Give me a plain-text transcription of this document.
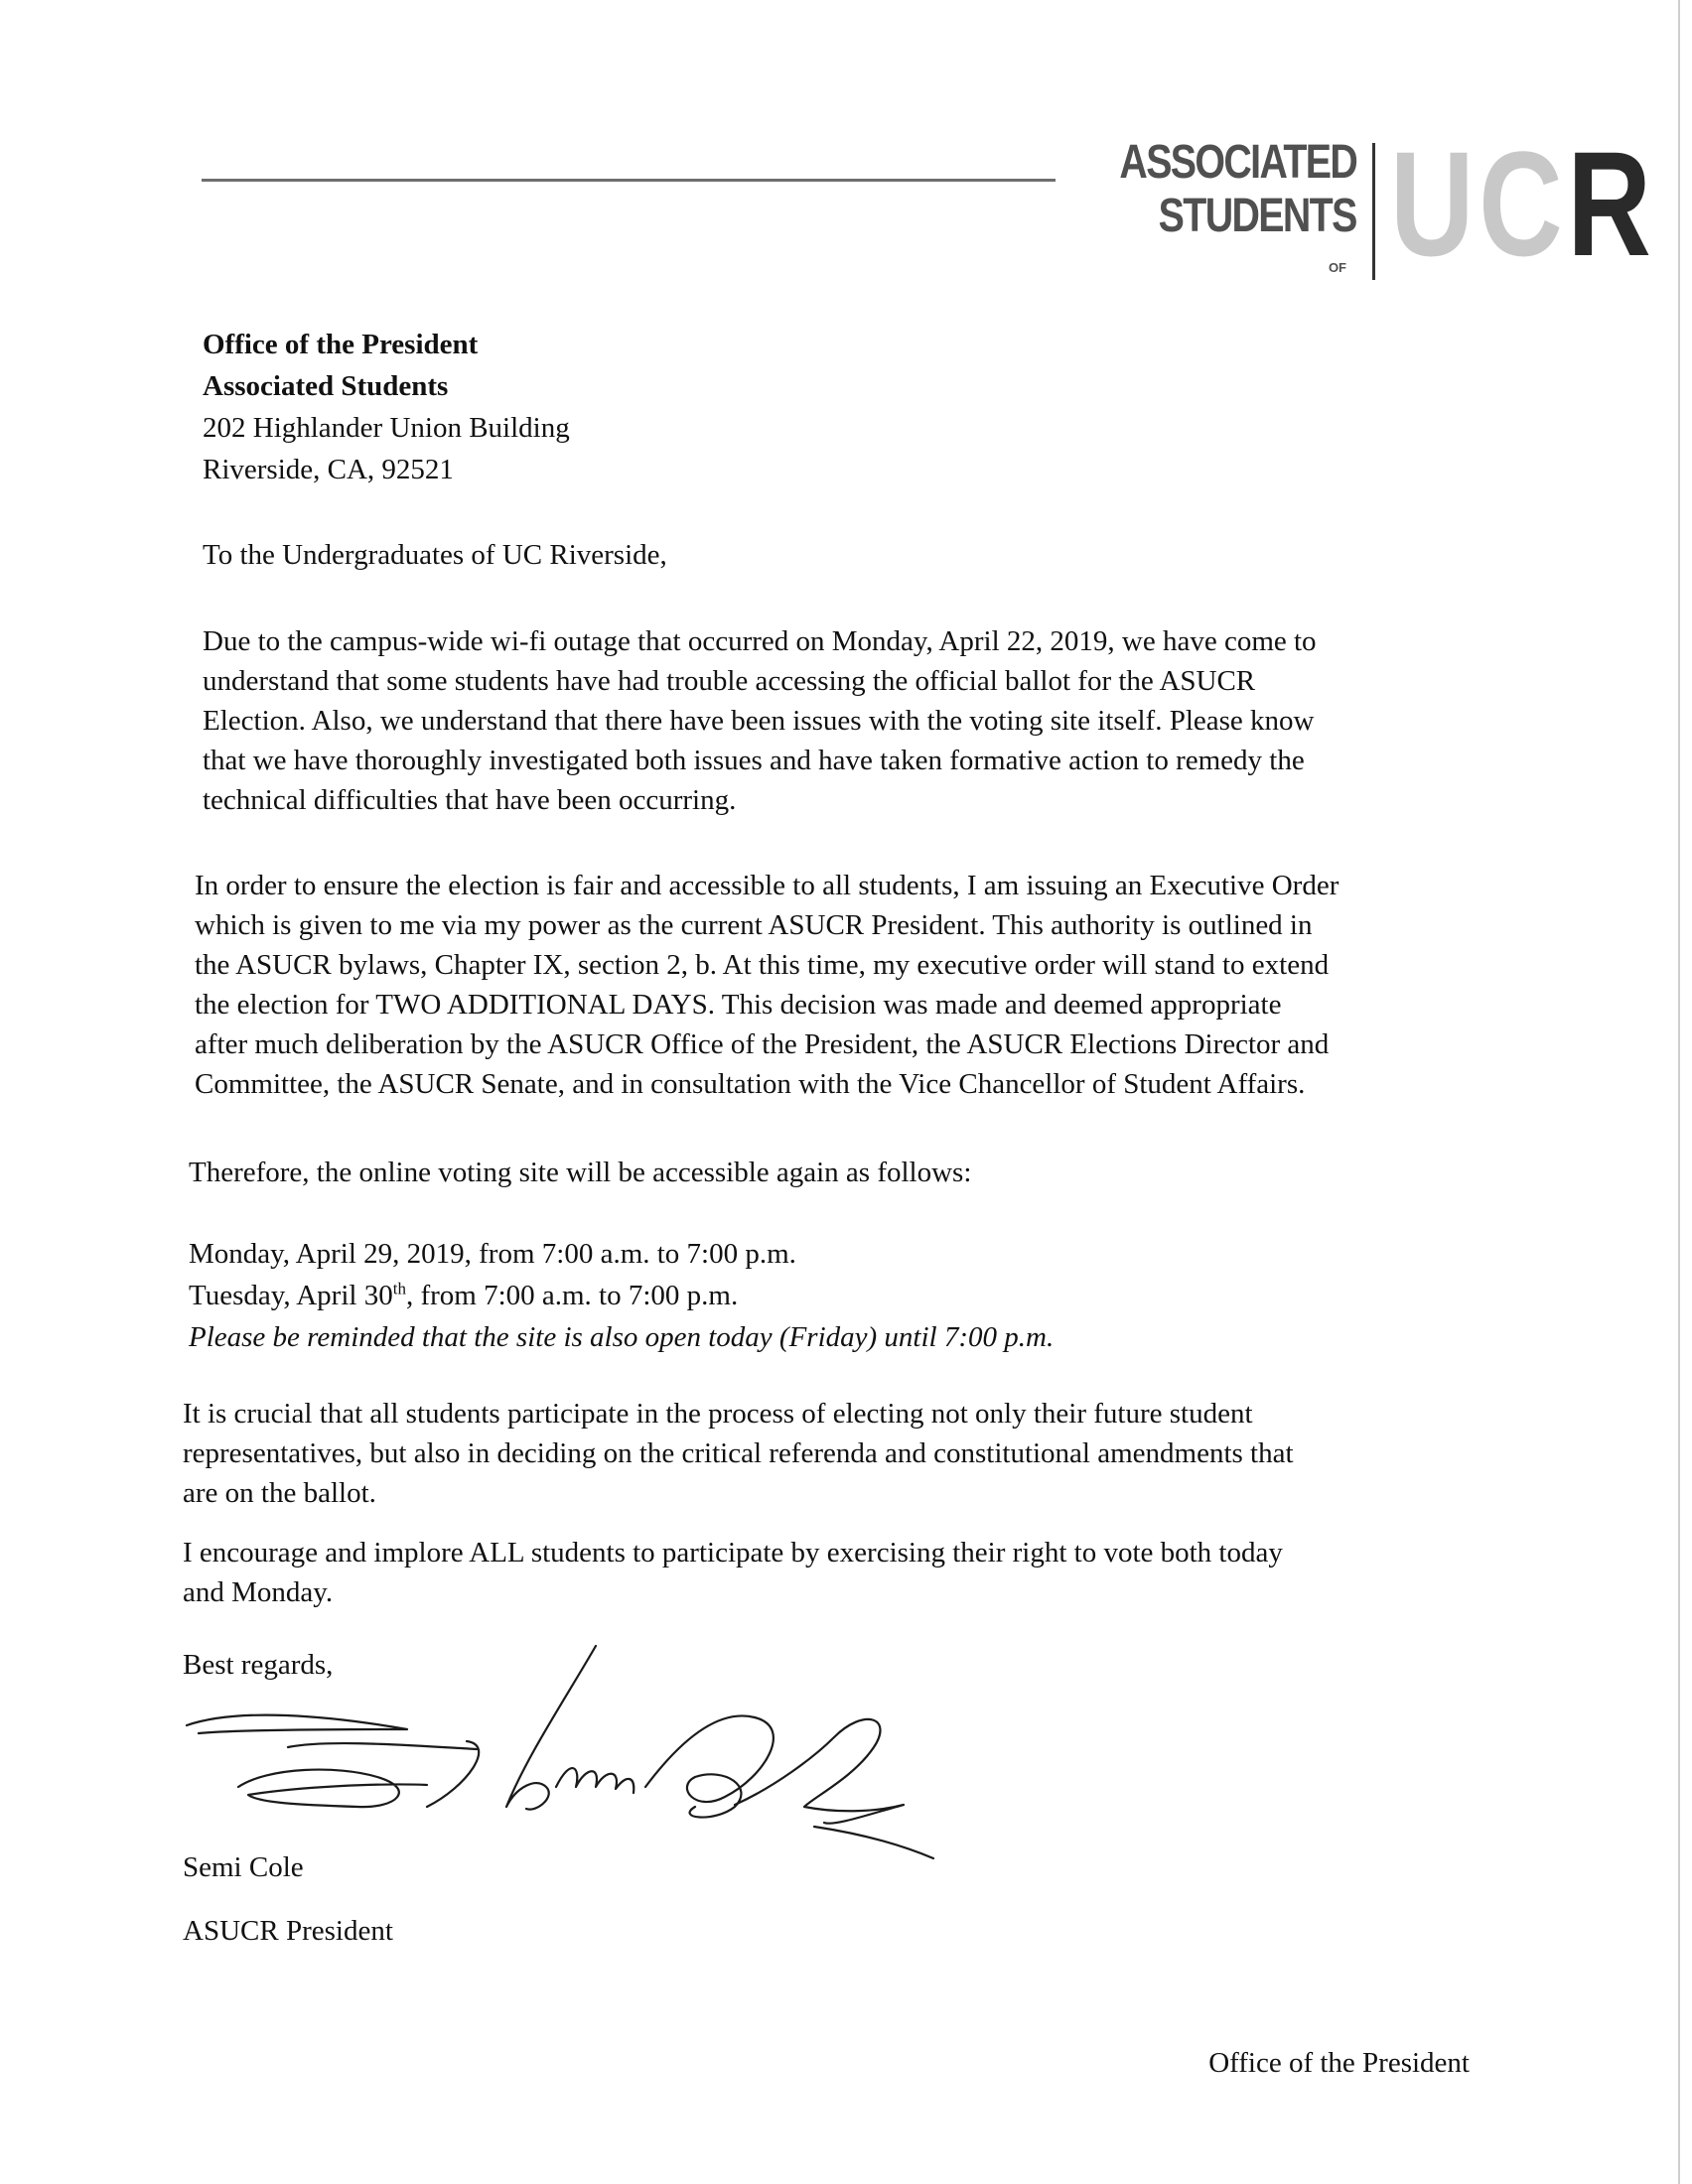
ASSOCIATED
STUDENTS
OF UCR
Office of the President
Associated Students
202 Highlander Union Building
Riverside, CA, 92521
To the Undergraduates of UC Riverside,
Due to the campus-wide wi-fi outage that occurred on Monday, April 22, 2019, we have come to
understand that some students have had trouble accessing the official ballot for the ASUCR
Election. Also, we understand that there have been issues with the voting site itself. Please know
that we have thoroughly investigated both issues and have taken formative action to remedy the
technical difficulties that have been occurring.
In order to ensure the election is fair and accessible to all students, I am issuing an Executive Order
which is given to me via my power as the current ASUCR President. This authority is outlined in
the ASUCR bylaws, Chapter IX, section 2, b. At this time, my executive order will stand to extend
the election for TWO ADDITIONAL DAYS. This decision was made and deemed appropriate
after much deliberation by the ASUCR Office of the President, the ASUCR Elections Director and
Committee, the ASUCR Senate, and in consultation with the Vice Chancellor of Student Affairs.
Therefore, the online voting site will be accessible again as follows:
Monday, April 29, 2019, from 7:00 a.m. to 7:00 p.m.
Tuesday, April 30th, from 7:00 a.m. to 7:00 p.m.
Please be reminded that the site is also open today (Friday) until 7:00 p.m.
It is crucial that all students participate in the process of electing not only their future student
representatives, but also in deciding on the critical referenda and constitutional amendments that
are on the ballot.
I encourage and implore ALL students to participate by exercising their right to vote both today
and Monday.
Best regards,
Semi Cole
ASUCR President
Office of the President
